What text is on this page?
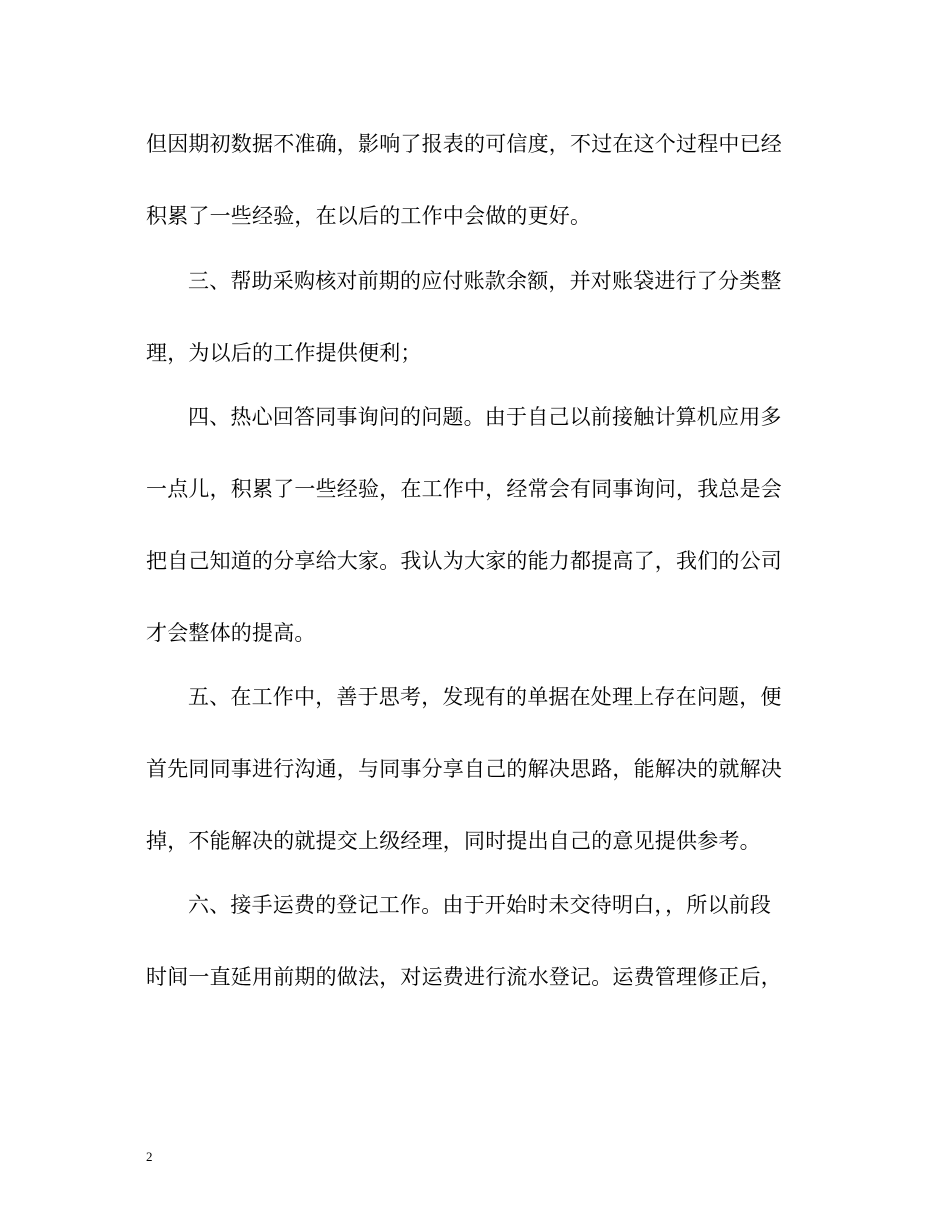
但因期初数据不准确，影响了报表的可信度，不过在这个过程中已经
积累了一些经验，在以后的工作中会做的更好。
三、帮助采购核对前期的应付账款余额，并对账袋进行了分类整
理，为以后的工作提供便利；
四、热心回答同事询问的问题。由于自己以前接触计算机应用多
一点儿，积累了一些经验，在工作中，经常会有同事询问，我总是会
把自己知道的分享给大家。我认为大家的能力都提高了，我们的公司
才会整体的提高。
五、在工作中，善于思考，发现有的单据在处理上存在问题，便
首先同同事进行沟通，与同事分享自己的解决思路，能解决的就解决
掉，不能解决的就提交上级经理，同时提出自己的意见提供参考。
六、接手运费的登记工作。由于开始时未交待明白，，所以前段
时间一直延用前期的做法，对运费进行流水登记。运费管理修正后，
2
